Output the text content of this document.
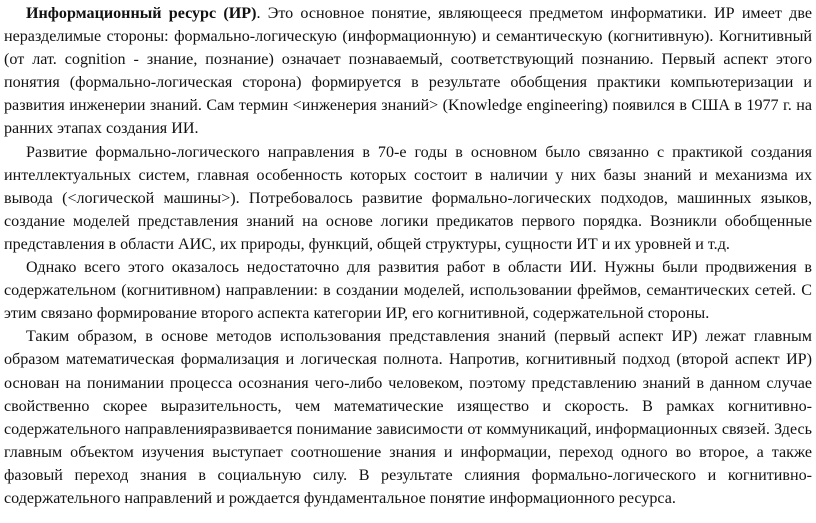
Информационный ресурс (ИР). Это основное понятие, являющееся предметом информатики. ИР имеет две неразделимые стороны: формально-логическую (информационную) и семантическую (когнитивную). Когнитивный (от лат. cognition - знание, познание) означает познаваемый, соответствующий познанию. Первый аспект этого понятия (формально-логическая сторона) формируется в результате обобщения практики компьютеризации и развития инженерии знаний. Сам термин <инженерия знаний> (Knowledge engineering) появился в США в 1977 г. на ранних этапах создания ИИ.

Развитие формально-логического направления в 70-е годы в основном было связанно с практикой создания интеллектуальных систем, главная особенность которых состоит в наличии у них базы знаний и механизма их вывода (<логической машины>). Потребовалось развитие формально-логических подходов, машинных языков, создание моделей представления знаний на основе логики предикатов первого порядка. Возникли обобщенные представления в области АИС, их природы, функций, общей структуры, сущности ИТ и их уровней и т.д.

Однако всего этого оказалось недостаточно для развития работ в области ИИ. Нужны были продвижения в содержательном (когнитивном) направлении: в создании моделей, использовании фреймов, семантических сетей. С этим связано формирование второго аспекта категории ИР, его когнитивной, содержательной стороны.

Таким образом, в основе методов использования представления знаний (первый аспект ИР) лежат главным образом математическая формализация и логическая полнота. Напротив, когнитивный подход (второй аспект ИР) основан на понимании процесса осознания чего-либо человеком, поэтому представлению знаний в данном случае свойственно скорее выразительность, чем математические изящество и скорость. В рамках когнитивно-содержательного направленияразвивается понимание зависимости от коммуникаций, информационных связей. Здесь главным объектом изучения выступает соотношение знания и информации, переход одного во второе, а также фазовый переход знания в социальную силу. В результате слияния формально-логического и когнитивно-содержательного направлений и рождается фундаментальное понятие информационного ресурса.
